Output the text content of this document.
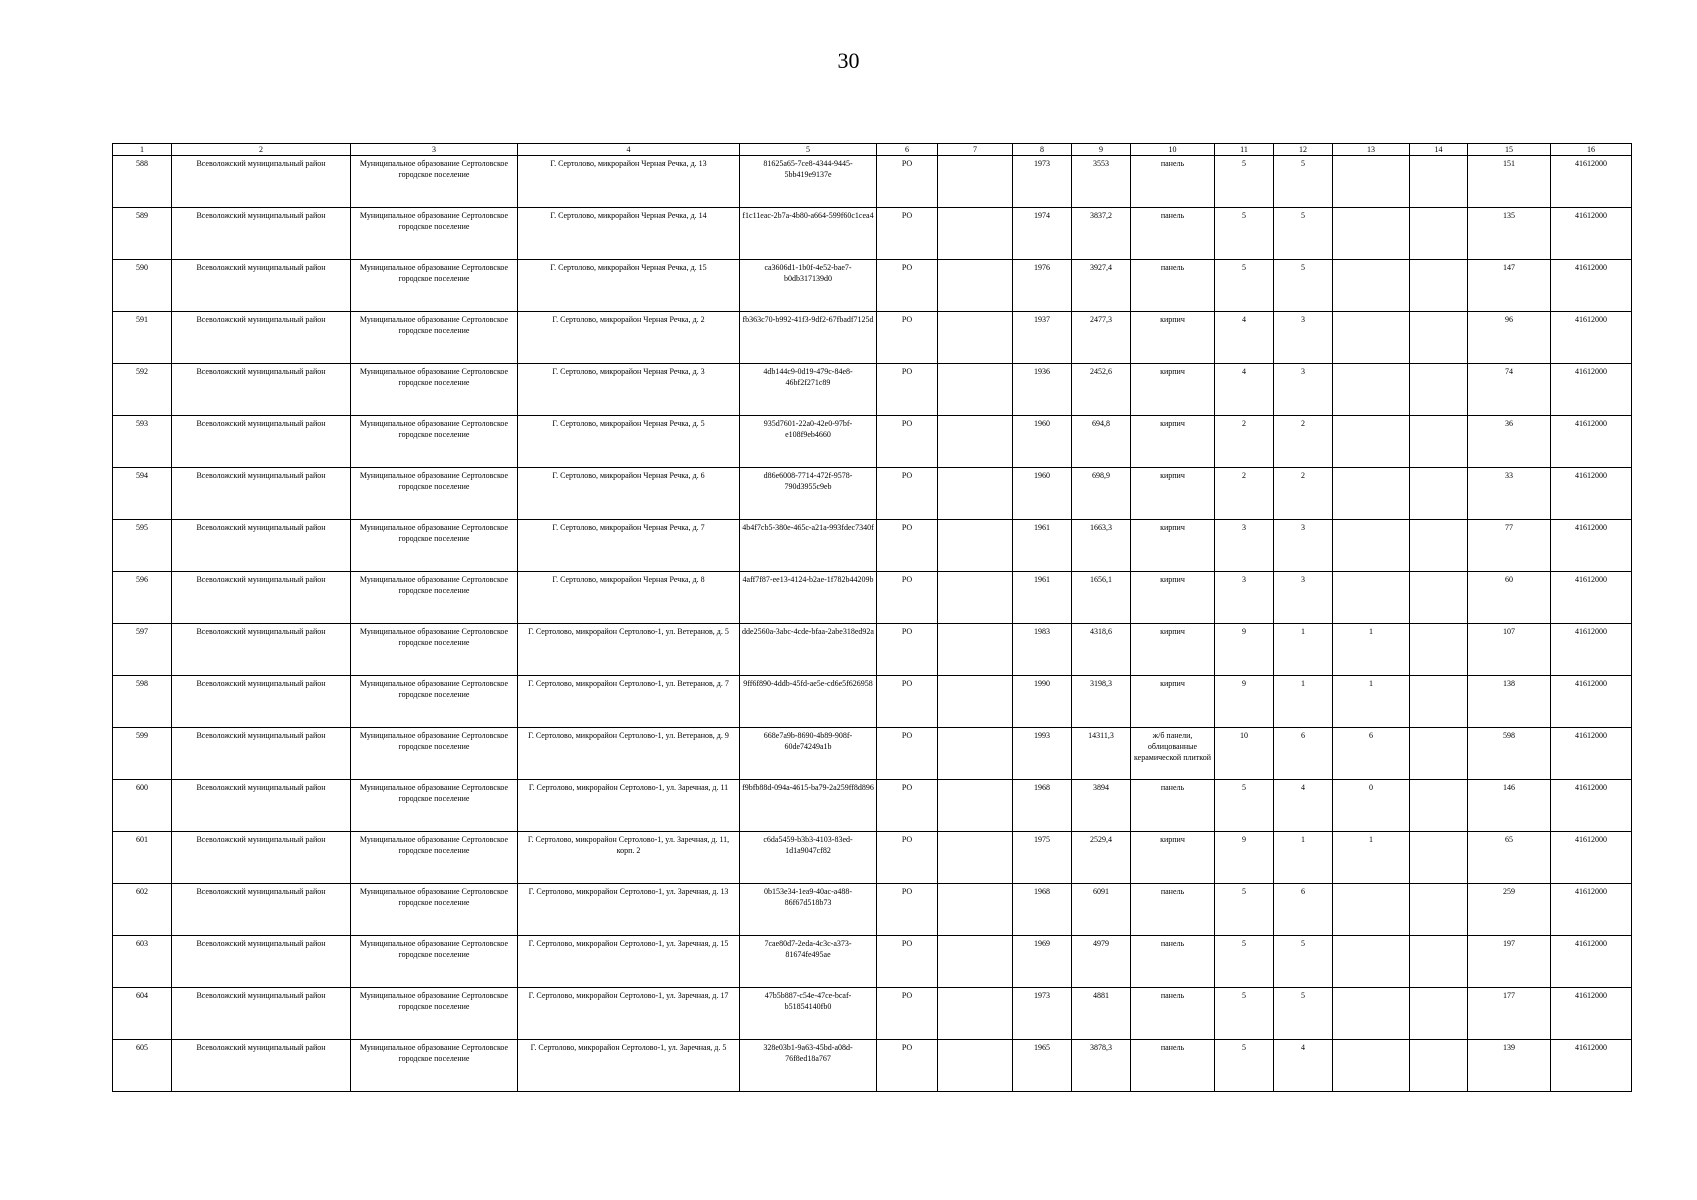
30
1	2	3	4	5	6	7	8	9	10	11	12	13	14	15	16
588	Всеволожский муниципальный район	Муниципальное образование Сертоловское городское поселение	Г. Сертолово, микрорайон Черная Речка, д. 13	81625a65-7ce8-4344-9445-5bb419e9137e	РО		1973	3553	панель	5	5			151	41612000
589	Всеволожский муниципальный район	Муниципальное образование Сертоловское городское поселение	Г. Сертолово, микрорайон Черная Речка, д. 14	f1c11eac-2b7a-4b80-a664-599f60c1cea4	РО		1974	3837,2	панель	5	5			135	41612000
590	Всеволожский муниципальный район	Муниципальное образование Сертоловское городское поселение	Г. Сертолово, микрорайон Черная Речка, д. 15	ca3606d1-1b0f-4e52-bae7-b0db317139d0	РО		1976	3927,4	панель	5	5			147	41612000
591	Всеволожский муниципальный район	Муниципальное образование Сертоловское городское поселение	Г. Сертолово, микрорайон Черная Речка, д. 2	fb363c70-b992-41f3-9df2-67fbadf7125d	РО		1937	2477,3	кирпич	4	3			96	41612000
592	Всеволожский муниципальный район	Муниципальное образование Сертоловское городское поселение	Г. Сертолово, микрорайон Черная Речка, д. 3	4db144c9-0d19-479c-84e8-46bf2f271c89	РО		1936	2452,6	кирпич	4	3			74	41612000
593	Всеволожский муниципальный район	Муниципальное образование Сертоловское городское поселение	Г. Сертолово, микрорайон Черная Речка, д. 5	935d7601-22a0-42e0-97bf-e108f9eb4660	РО		1960	694,8	кирпич	2	2			36	41612000
594	Всеволожский муниципальный район	Муниципальное образование Сертоловское городское поселение	Г. Сертолово, микрорайон Черная Речка, д. 6	d86e6008-7714-472f-9578-790d3955c9eb	РО		1960	698,9	кирпич	2	2			33	41612000
595	Всеволожский муниципальный район	Муниципальное образование Сертоловское городское поселение	Г. Сертолово, микрорайон Черная Речка, д. 7	4b4f7cb5-380e-465c-a21a-993fdec7340f	РО		1961	1663,3	кирпич	3	3			77	41612000
596	Всеволожский муниципальный район	Муниципальное образование Сертоловское городское поселение	Г. Сертолово, микрорайон Черная Речка, д. 8	4aff7f87-ee13-4124-b2ae-1f782b44209b	РО		1961	1656,1	кирпич	3	3			60	41612000
597	Всеволожский муниципальный район	Муниципальное образование Сертоловское городское поселение	Г. Сертолово, микрорайон Сертолово-1, ул. Ветеранов, д. 5	dde2560a-3abc-4cde-bfaa-2abe318ed92a	РО		1983	4318,6	кирпич	9	1	1		107	41612000
598	Всеволожский муниципальный район	Муниципальное образование Сертоловское городское поселение	Г. Сертолово, микрорайон Сертолово-1, ул. Ветеранов, д. 7	9ff6f890-4ddb-45fd-ae5e-cd6e5f626958	РО		1990	3198,3	кирпич	9	1	1		138	41612000
599	Всеволожский муниципальный район	Муниципальное образование Сертоловское городское поселение	Г. Сертолово, микрорайон Сертолово-1, ул. Ветеранов, д. 9	668e7a9b-8690-4b89-908f-60de74249a1b	РО		1993	14311,3	ж/б панели, облицованные керамической плиткой	10	6	6		598	41612000
600	Всеволожский муниципальный район	Муниципальное образование Сертоловское городское поселение	Г. Сертолово, микрорайон Сертолово-1, ул. Заречная, д. 11	f9bfb88d-094a-4615-ba79-2a259ff8d896	РО		1968	3894	панель	5	4	0		146	41612000
601	Всеволожский муниципальный район	Муниципальное образование Сертоловское городское поселение	Г. Сертолово, микрорайон Сертолово-1, ул. Заречная, д. 11, корп. 2	c6da5459-b3b3-4103-83ed-1d1a9047cf82	РО		1975	2529,4	кирпич	9	1	1		65	41612000
602	Всеволожский муниципальный район	Муниципальное образование Сертоловское городское поселение	Г. Сертолово, микрорайон Сертолово-1, ул. Заречная, д. 13	0b153e34-1ea9-40ac-a488-86f67d518b73	РО		1968	6091	панель	5	6			259	41612000
603	Всеволожский муниципальный район	Муниципальное образование Сертоловское городское поселение	Г. Сертолово, микрорайон Сертолово-1, ул. Заречная, д. 15	7cae80d7-2eda-4c3c-a373-81674fe495ae	РО		1969	4979	панель	5	5			197	41612000
604	Всеволожский муниципальный район	Муниципальное образование Сертоловское городское поселение	Г. Сертолово, микрорайон Сертолово-1, ул. Заречная, д. 17	47b5b887-c54e-47ce-bcaf-b51854140fb0	РО		1973	4881	панель	5	5			177	41612000
605	Всеволожский муниципальный район	Муниципальное образование Сертоловское городское поселение	Г. Сертолово, микрорайон Сертолово-1, ул. Заречная, д. 5	328e03b1-9a63-45bd-a08d-76f8ed18a767	РО		1965	3878,3	панель	5	4			139	41612000
